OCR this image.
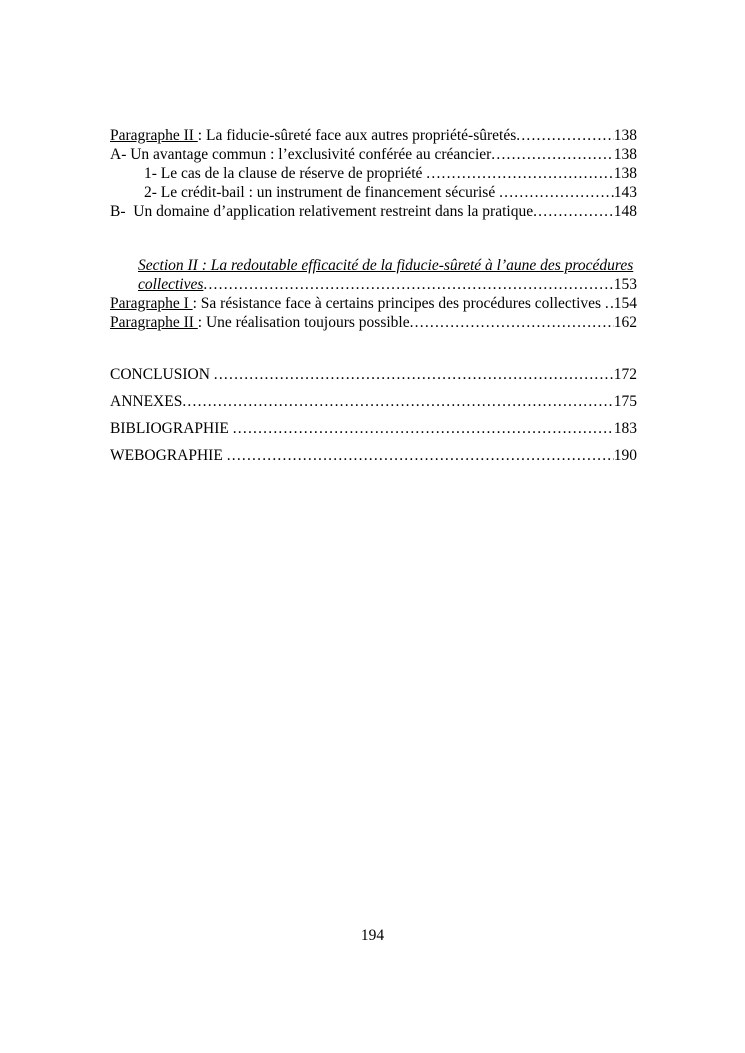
Paragraphe II : La fiducie-sûreté face aux autres propriété-sûretés .....	138
A- Un avantage commun : l’exclusivité conférée au créancier .....	138
1- Le cas de la clause de réserve de propriété .....	138
2- Le crédit-bail : un instrument de financement sécurisé .....	143
B-  Un domaine d’application relativement restreint dans la pratique .....	148
Section II : La redoutable efficacité de la fiducie-sûreté à l’aune des procédures
collectives .....	153
Paragraphe I : Sa résistance face à certains principes des procédures collectives ..... 154
Paragraphe II : Une réalisation toujours possible .....	162
CONCLUSION .....	172
ANNEXES .....	175
BIBLIOGRAPHIE .....	183
WEBOGRAPHIE .....	190
194
